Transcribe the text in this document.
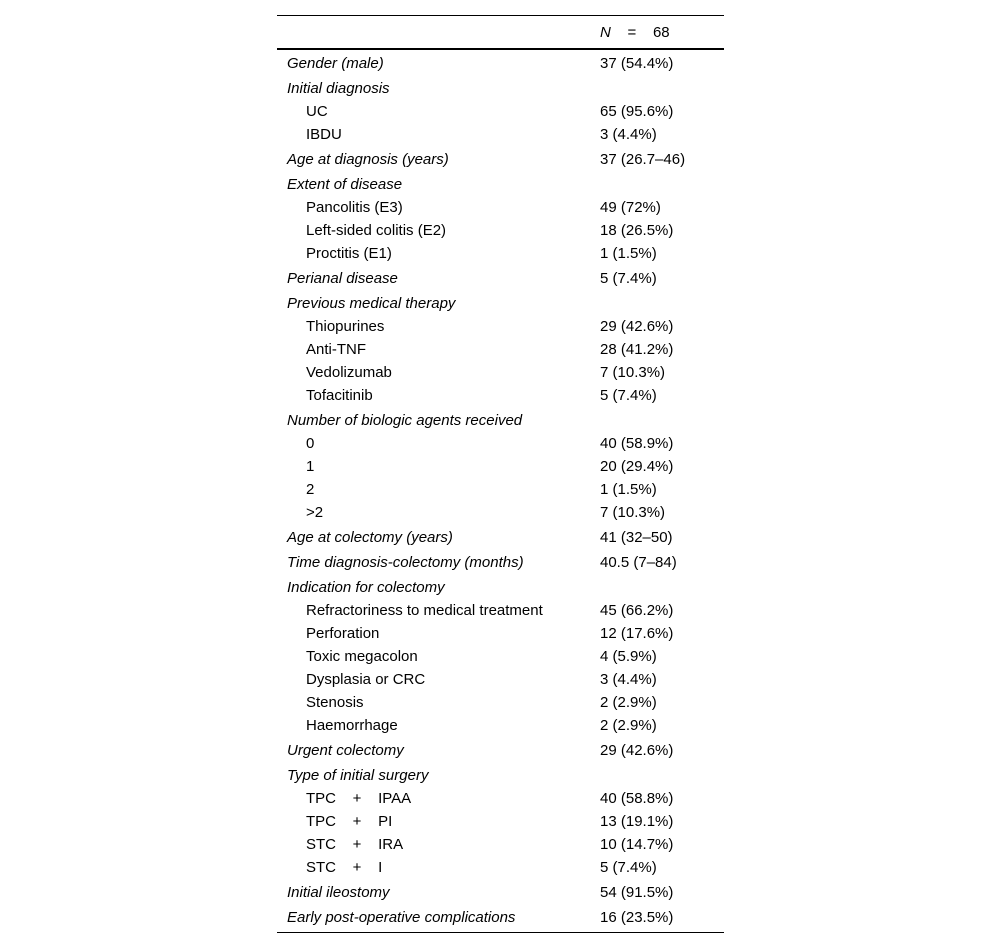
N = 68
Gender (male)	37 (54.4%)
Initial diagnosis
UC	65 (95.6%)
IBDU	3 (4.4%)
Age at diagnosis (years)	37 (26.7–46)
Extent of disease
Pancolitis (E3)	49 (72%)
Left-sided colitis (E2)	18 (26.5%)
Proctitis (E1)	1 (1.5%)
Perianal disease	5 (7.4%)
Previous medical therapy
Thiopurines	29 (42.6%)
Anti-TNF	28 (41.2%)
Vedolizumab	7 (10.3%)
Tofacitinib	5 (7.4%)
Number of biologic agents received
0	40 (58.9%)
1	20 (29.4%)
2	1 (1.5%)
>2	7 (10.3%)
Age at colectomy (years)	41 (32–50)
Time diagnosis-colectomy (months)	40.5 (7–84)
Indication for colectomy
Refractoriness to medical treatment	45 (66.2%)
Perforation	12 (17.6%)
Toxic megacolon	4 (5.9%)
Dysplasia or CRC	3 (4.4%)
Stenosis	2 (2.9%)
Haemorrhage	2 (2.9%)
Urgent colectomy	29 (42.6%)
Type of initial surgery
TPC    +    IPAA	40 (58.8%)
TPC    +    PI	13 (19.1%)
STC    +    IRA	10 (14.7%)
STC    +    I	5 (7.4%)
Initial ileostomy	54 (91.5%)
Early post-operative complications	16 (23.5%)
